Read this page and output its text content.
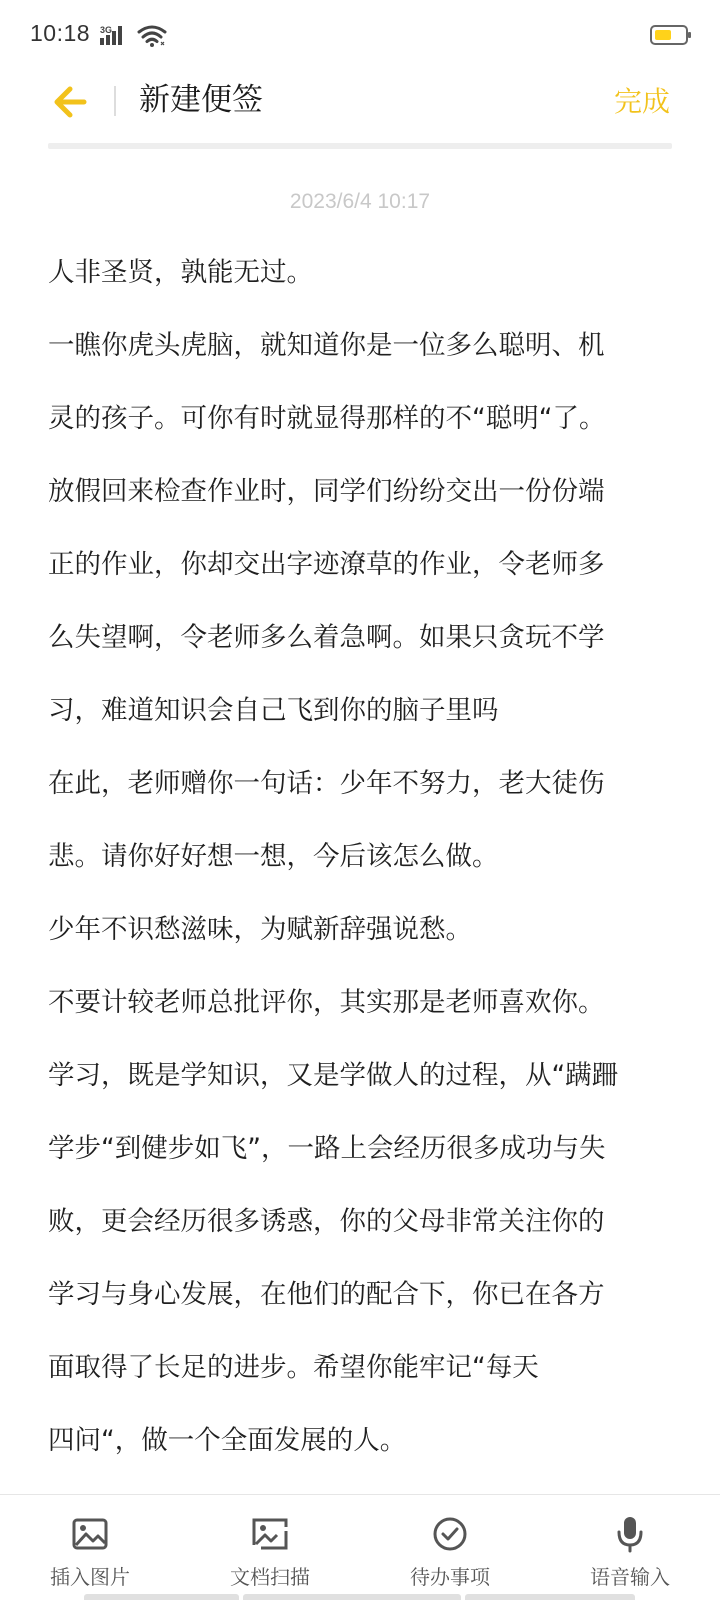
10:18 3G
新建便签	完成
2023/6/4 10:17
人非圣贤，孰能无过。
一瞧你虎头虎脑，就知道你是一位多么聪明、机
灵的孩子。可你有时就显得那样的不“聪明“了。
放假回来检查作业时，同学们纷纷交出一份份端
正的作业，你却交出字迹潦草的作业，令老师多
么失望啊，令老师多么着急啊。如果只贪玩不学
习，难道知识会自己飞到你的脑子里吗
在此，老师赠你一句话：少年不努力，老大徒伤
悲。请你好好想一想，今后该怎么做。
少年不识愁滋味，为赋新辞强说愁。
不要计较老师总批评你，其实那是老师喜欢你。
学习，既是学知识，又是学做人的过程，从“蹒跚
学步“到健步如飞”，一路上会经历很多成功与失
败，更会经历很多诱惑，你的父母非常关注你的
学习与身心发展，在他们的配合下，你已在各方
面取得了长足的进步。希望你能牢记“每天
四问“，做一个全面发展的人。
插入图片	文档扫描	待办事项	语音输入
